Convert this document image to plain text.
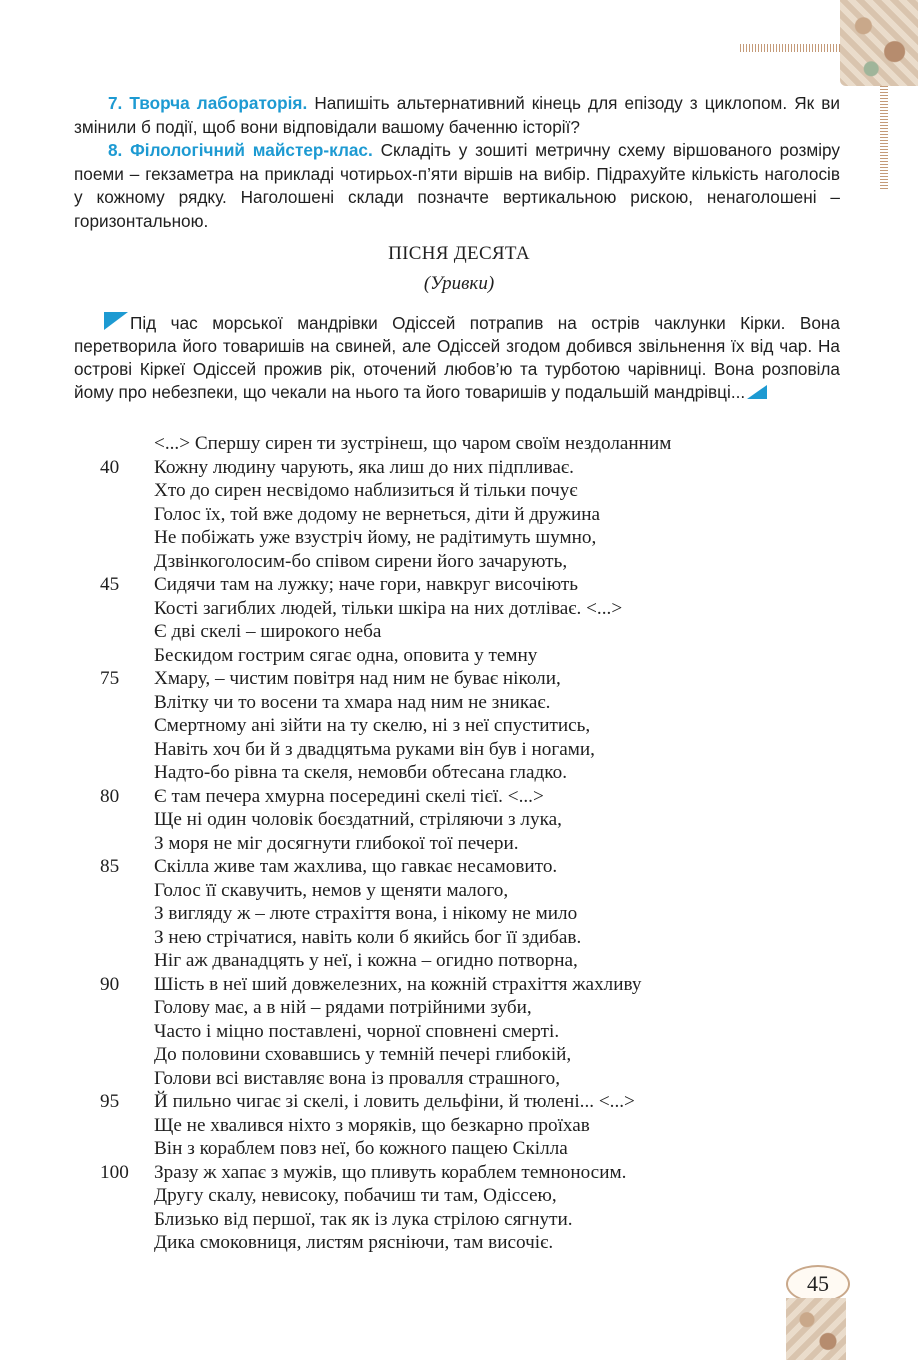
7. Творча лабораторія. Напишіть альтернативний кінець для епізоду з циклопом. Як ви змінили б події, щоб вони відповідали вашому баченню історії?

8. Філологічний майстер-клас. Складіть у зошиті метричну схему віршованого розміру поеми – гекзаметра на прикладі чотирьох-п’яти віршів на вибір. Підрахуйте кількість наголосів у кожному рядку. Наголошені склади позначте вертикальною рискою, ненаголошені – горизонтальною.

ПІСНЯ ДЕСЯТА
(Уривки)

Під час морської мандрівки Одіссей потрапив на острів чаклунки Кірки. Вона перетворила його товаришів на свиней, але Одіссей згодом добився звільнення їх від чар. На острові Кіркеї Одіссей прожив рік, оточений любов’ю та турботою чарівниці. Вона розповіла йому про небезпеки, що чекали на нього та його товаришів у подальшій мандрівці...

<...> Спершу сирен ти зустрінеш, що чаром своїм нездоланним
40	Кожну людину чарують, яка лиш до них підпливає.
Хто до сирен несвідомо наблизиться й тільки почує
Голос їх, той вже додому не вернеться, діти й дружина
Не побіжать уже взустріч йому, не радітимуть шумно,
Дзвінкоголосим-бо співом сирени його зачарують,
45	Сидячи там на лужку; наче гори, навкруг височіють
Кості загиблих людей, тільки шкіра на них дотліває. <...>
Є дві скелі – широкого неба
Бескидом гострим сягає одна, оповита у темну
75	Хмару, – чистим повітря над ним не буває ніколи,
Влітку чи то восени та хмара над ним не зникає.
Смертному ані зійти на ту скелю, ні з неї спуститись,
Навіть хоч би й з двадцятьма руками він був і ногами,
Надто-бо рівна та скеля, немовби обтесана гладко.
80	Є там печера хмурна посередині скелі тієї. <...>
Ще ні один чоловік боєздатний, стріляючи з лука,
З моря не міг досягнути глибокої тої печери.
85	Скілла живе там жахлива, що гавкає несамовито.
Голос її скавучить, немов у щеняти малого,
З вигляду ж – люте страхіття вона, і нікому не мило
З нею стрічатися, навіть коли б якийсь бог її здибав.
Ніг аж дванадцять у неї, і кожна – огидно потворна,
90	Шість в неї ший довжелезних, на кожній страхіття жахливу
Голову має, а в ній – рядами потрійними зуби,
Часто і міцно поставлені, чорної сповнені смерті.
До половини сховавшись у темній печері глибокій,
Голови всі виставляє вона із провалля страшного,
95	Й пильно чигає зі скелі, і ловить дельфіни, й тюлені... <...>
Ще не хвалився ніхто з моряків, що безкарно проїхав
Він з кораблем повз неї, бо кожного пащею Скілла
100	Зразу ж хапає з мужів, що пливуть кораблем темноносим.
Другу скалу, невисоку, побачиш ти там, Одіссею,
Близько від першої, так як із лука стрілою сягнути.
Дика смоковниця, листям рясніючи, там височіє.
45
